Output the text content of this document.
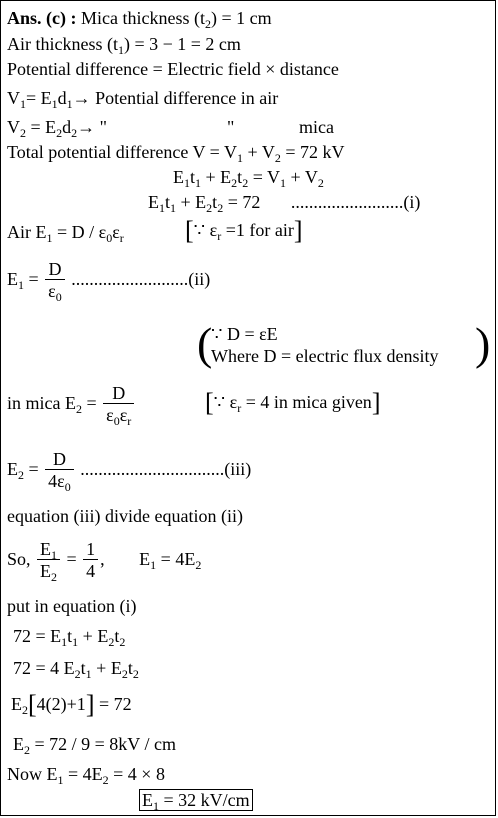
Ans. (c) : Mica thickness $(t_2) = 1$ cm
Air thickness $(t_1) = 3 - 1 = 2$ cm
Potential difference = Electric field × distance
$V_1= E_1d_1\to$ Potential difference in air
$V_2 = E_2d_2\to$ "	"	mica
Total potential difference $V = V_1 + V_2 = 72$ kV
$E_1t_1 + E_2t_2 = V_1 + V_2$
$E_1t_1 + E_2t_2 = 72$ .........................(i)
Air $E_1 = D / \varepsilon_0\varepsilon_r$ [∵ $\varepsilon_r =1$ for air]
$E_1 = \frac{D}{\varepsilon_0} ..........................(ii)$
(
∵ D = εE
Where D = electric flux density )
in mica $E_2 = \frac{D}{\varepsilon_0\varepsilon_r}$	[∵ $\varepsilon_r = 4$ in mica given]
$E_2 = \frac{D}{4\varepsilon_0} ................................(iii)$
equation (iii) divide equation (ii)
So, $\frac{E_1}{E_2} = \frac{1}{4}$ , $E_1 = 4E_2$
put in equation (i)
$72 = E_1t_1 + E_2t_2$
72 = 4 $E_2t_1 + E_2t_2$
$E_2[4(2)+1] = 72$
$E_2 = 72 / 9 = 8kV$ / cm
Now $E_1 = 4E_2 = 4 \times 8$
$E_1 = 32$ kV/cm
